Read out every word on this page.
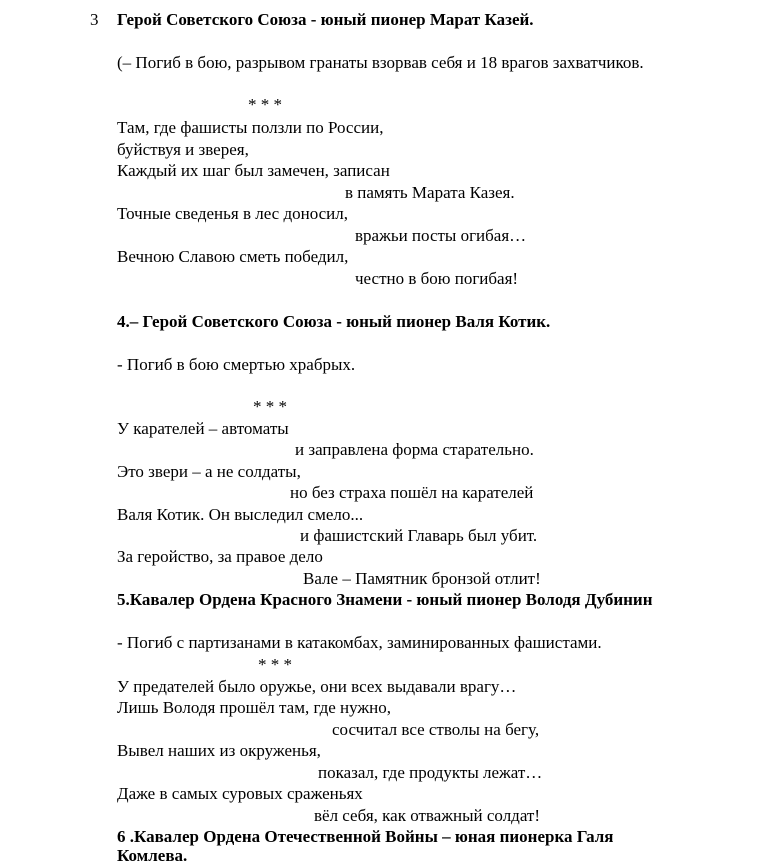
3 Герой Советского Союза - юный пионер Марат Казей.
(– Погиб в бою, разрывом гранаты взорвав себя и 18 врагов захватчиков.
* * *
Там, где фашисты ползли по России,
буйствуя и зверея,
Каждый их шаг был замечен, записан
в память Марата Казея.
Точные сведенья в лес доносил,
вражьи посты огибая…
Вечною Славою сметь победил,
честно в бою погибая!
4.– Герой Советского Союза - юный пионер Валя Котик.
- Погиб в бою смертью храбрых.
* * *
У карателей – автоматы
и заправлена форма старательно.
Это звери – а не солдаты,
но без страха пошёл на карателей
Валя Котик. Он выследил смело...
и фашистский Главарь был убит.
За геройство, за правое дело
Вале – Памятник бронзой отлит!
5.Кавалер Ордена Красного Знамени - юный пионер Володя Дубинин
- Погиб с партизанами в катакомбах, заминированных фашистами.
* * *
У предателей было оружье, они всех выдавали врагу…
Лишь Володя прошёл там, где нужно,
сосчитал все стволы на бегу,
Вывел наших из окруженья,
показал, где продукты лежат…
Даже в самых суровых сраженьях
вёл себя, как отважный солдат!
6 .Кавалер Ордена Отечественной Войны – юная пионерка Галя
Комлева.
